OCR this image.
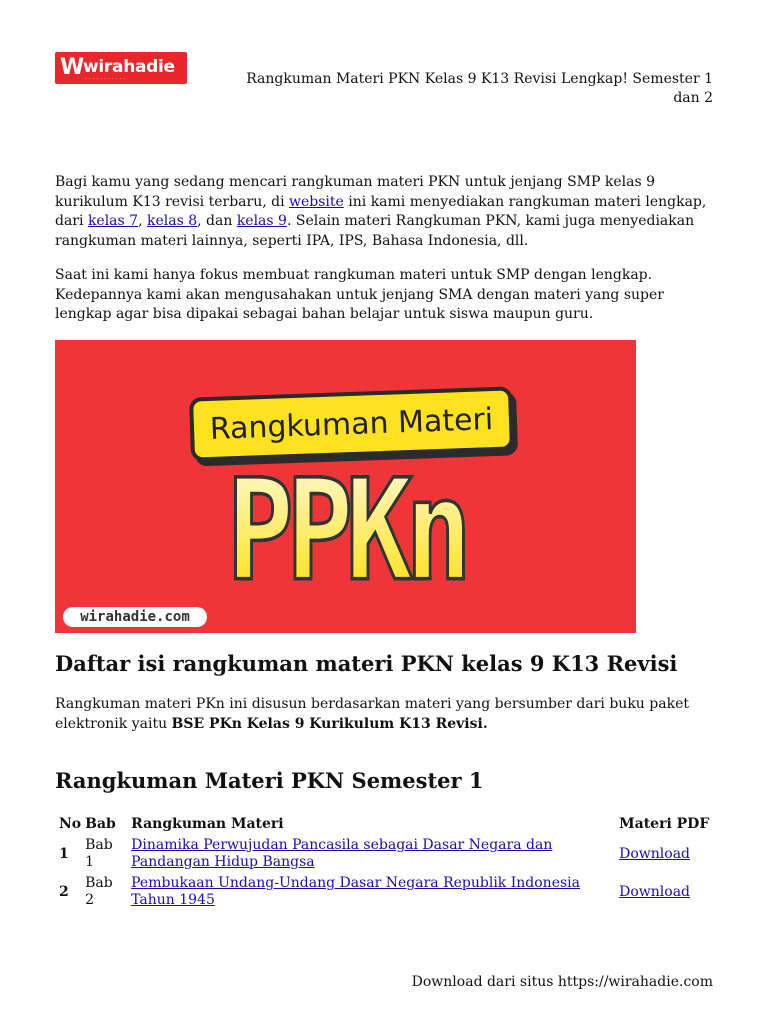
W
wirahadie
· · · · · · · · · · ·	Rangkuman Materi PKN Kelas 9 K13 Revisi Lengkap! Semester 1 dan 2

Bagi kamu yang sedang mencari rangkuman materi PKN untuk jenjang SMP kelas 9 kurikulum K13 revisi terbaru, di website ini kami menyediakan rangkuman materi lengkap, dari kelas 7, kelas 8, dan kelas 9. Selain materi Rangkuman PKN, kami juga menyediakan rangkuman materi lainnya, seperti IPA, IPS, Bahasa Indonesia, dll.

Saat ini kami hanya fokus membuat rangkuman materi untuk SMP dengan lengkap. Kedepannya kami akan mengusahakan untuk jenjang SMA dengan materi yang super lengkap agar bisa dipakai sebagai bahan belajar untuk siswa maupun guru.

Rangkuman Materi
PPKn
wirahadie.com
Daftar isi rangkuman materi PKN kelas 9 K13 Revisi

Rangkuman materi PKn ini disusun berdasarkan materi yang bersumber dari buku paket elektronik yaitu BSE PKn Kelas 9 Kurikulum K13 Revisi.

Rangkuman Materi PKN Semester 1
No	Bab	Rangkuman Materi	Materi PDF
1	Bab 1	Dinamika Perwujudan Pancasila sebagai Dasar Negara dan Pandangan Hidup Bangsa	Download
2	Bab 2	Pembukaan Undang-Undang Dasar Negara Republik Indonesia Tahun 1945	Download
Download dari situs https://wirahadie.com
